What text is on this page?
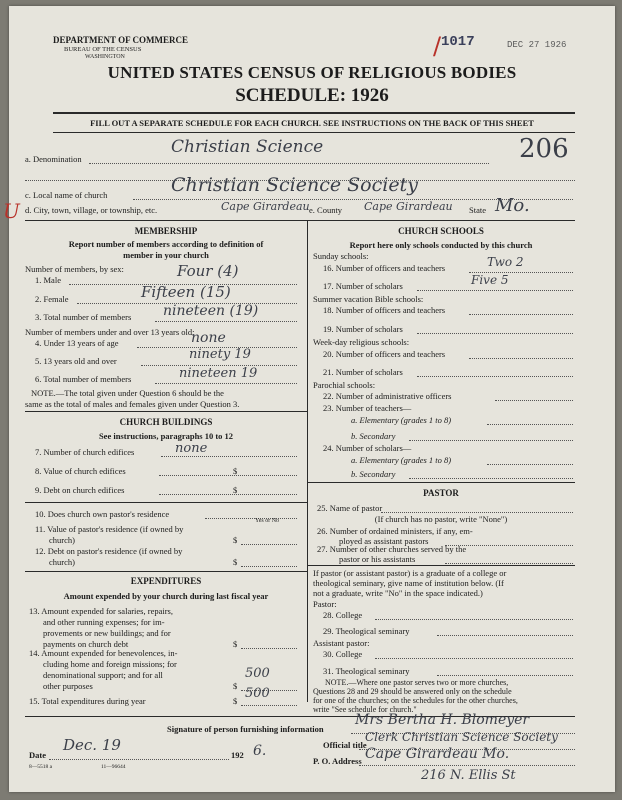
DEPARTMENT OF COMMERCE
BUREAU OF THE CENSUS
WASHINGTON
1017
/	DEC 27 1926
UNITED STATES CENSUS OF RELIGIOUS BODIES
SCHEDULE: 1926
FILL OUT A SEPARATE SCHEDULE FOR EACH CHURCH. SEE INSTRUCTIONS ON THE BACK OF THIS SHEET
a. Denomination
Christian Science	206
c. Local name of church	Christian Science Society
U d. City, town, village, or township, etc.	Cape Girardeau e. County Cape Girardeau State Mo.
MEMBERSHIP
Report number of members according to definition of
member in your church
Number of members, by sex:
1. Male	Four (4)
2. Female	Fifteen (15)
3. Total number of members nineteen (19)
Number of members under and over 13 years old:
4. Under 13 years of age	none
5. 13 years old and over	ninety 19
6. Total number of members	nineteen 19
NOTE.—The total given under Question 6 should be the
same as the total of males and females given under Question 3.
CHURCH BUILDINGS
See instructions, paragraphs 10 to 12
7. Number of church edifices	none
8. Value of church edifices	$
9. Debt on church edifices	$
10. Does church own pastor's residence
Yes or No
11. Value of pastor's residence (if owned by
church)	$
12. Debt on pastor's residence (if owned by
church)	$
EXPENDITURES
Amount expended by your church during last fiscal year
13. Amount expended for salaries, repairs,
and other running expenses; for im-
provements or new buildings; and for
payments on church debt	$
14. Amount expended for benevolences, in-
cluding home and foreign missions; for
denominational support; and for all
other purposes	$
500
15. Total expenditures during year	$ 500
CHURCH SCHOOLS
Report here only schools conducted by this church
Sunday schools:
16. Number of officers and teachers	Two 2
17. Number of scholars	Five 5
Summer vacation Bible schools:
18. Number of officers and teachers
19. Number of scholars
Week-day religious schools:
20. Number of officers and teachers
21. Number of scholars
Parochial schools:
22. Number of administrative officers
23. Number of teachers—
a. Elementary (grades 1 to 8)
b. Secondary
24. Number of scholars—
a. Elementary (grades 1 to 8)
b. Secondary
PASTOR
25. Name of pastor
(If church has no pastor, write "None")
26. Number of ordained ministers, if any, em-
ployed as assistant pastors
27. Number of other churches served by the
pastor or his assistants
If pastor (or assistant pastor) is a graduate of a college or
theological seminary, give name of institution below. (If
not a graduate, write "No" in the space indicated.)
Pastor:
28. College
29. Theological seminary
Assistant pastor:
30. College
31. Theological seminary
NOTE.—Where one pastor serves two or more churches,
Questions 28 and 29 should be answered only on the schedule
for one of the churches; on the schedules for the other churches,
write "See schedule for church."
Signature of person furnishing information
Mrs Bertha H. Blomeyer
Official title
Clerk Christian Science Society
Date
Dec. 19
192 6.
P. O. Address Cape Girardeau Mo.
216 N. Ellis St
8—5518 a	11—96644
